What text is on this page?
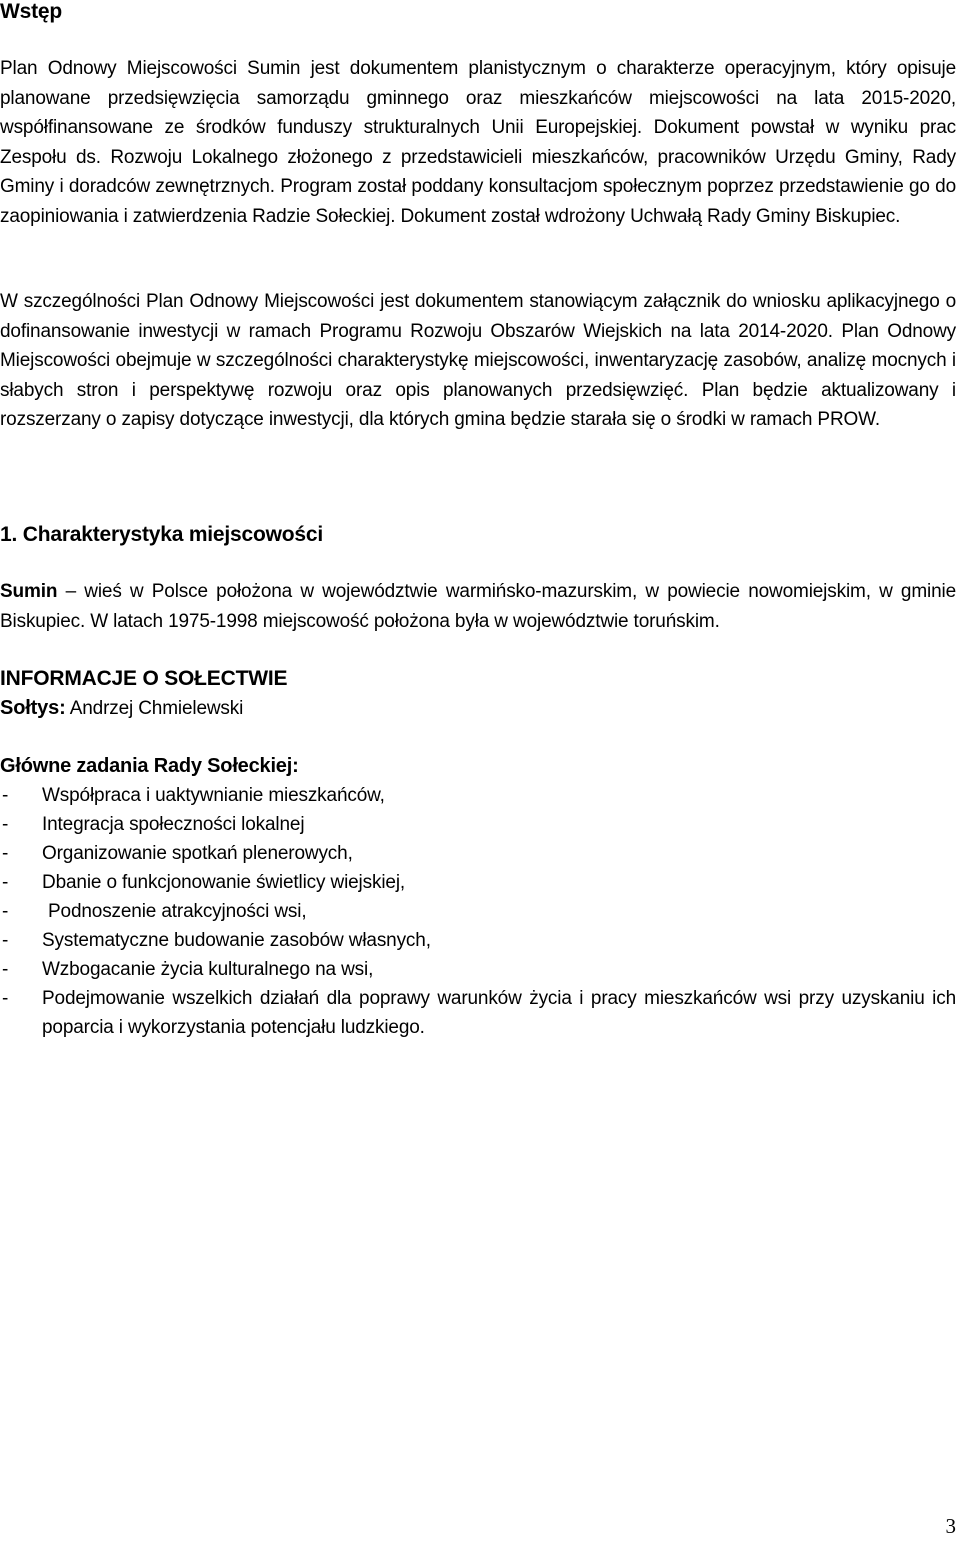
Wstęp

Plan Odnowy Miejscowości Sumin jest dokumentem planistycznym o charakterze operacyjnym, który opisuje planowane przedsięwzięcia samorządu gminnego oraz mieszkańców miejscowości na lata 2015-2020, współfinansowane ze środków funduszy strukturalnych Unii Europejskiej. Dokument powstał w wyniku prac Zespołu ds. Rozwoju Lokalnego złożonego z przedstawicieli mieszkańców, pracowników Urzędu Gminy, Rady Gminy i doradców zewnętrznych. Program został poddany konsultacjom społecznym poprzez przedstawienie go do zaopiniowania i zatwierdzenia Radzie Sołeckiej. Dokument został wdrożony Uchwałą Rady Gminy Biskupiec.

W szczególności Plan Odnowy Miejscowości jest dokumentem stanowiącym załącznik do wniosku aplikacyjnego o dofinansowanie inwestycji w ramach Programu Rozwoju Obszarów Wiejskich na lata 2014-2020. Plan Odnowy Miejscowości obejmuje w szczególności charakterystykę miejscowości, inwentaryzację zasobów, analizę mocnych i słabych stron i perspektywę rozwoju oraz opis planowanych przedsięwzięć. Plan będzie aktualizowany i rozszerzany o zapisy dotyczące inwestycji, dla których gmina będzie starała się o środki w ramach PROW.

1. Charakterystyka miejscowości

Sumin – wieś w Polsce położona w województwie warmińsko-mazurskim, w powiecie nowomiejskim, w gminie Biskupiec. W latach 1975-1998 miejscowość położona była w województwie toruńskim.

INFORMACJE O SOŁECTWIE
Sołtys: Andrzej Chmielewski
Główne zadania Rady Sołeckiej:
-	Współpraca i uaktywnianie mieszkańców,
-	Integracja społeczności lokalnej
-	Organizowanie spotkań plenerowych,
-	Dbanie o funkcjonowanie świetlicy wiejskiej,
-	Podnoszenie atrakcyjności wsi,
-	Systematyczne budowanie zasobów własnych,
-	Wzbogacanie życia kulturalnego na wsi,
-	Podejmowanie wszelkich działań dla poprawy warunków życia i pracy mieszkańców wsi przy uzyskaniu ich poparcia i wykorzystania potencjału ludzkiego.
3
